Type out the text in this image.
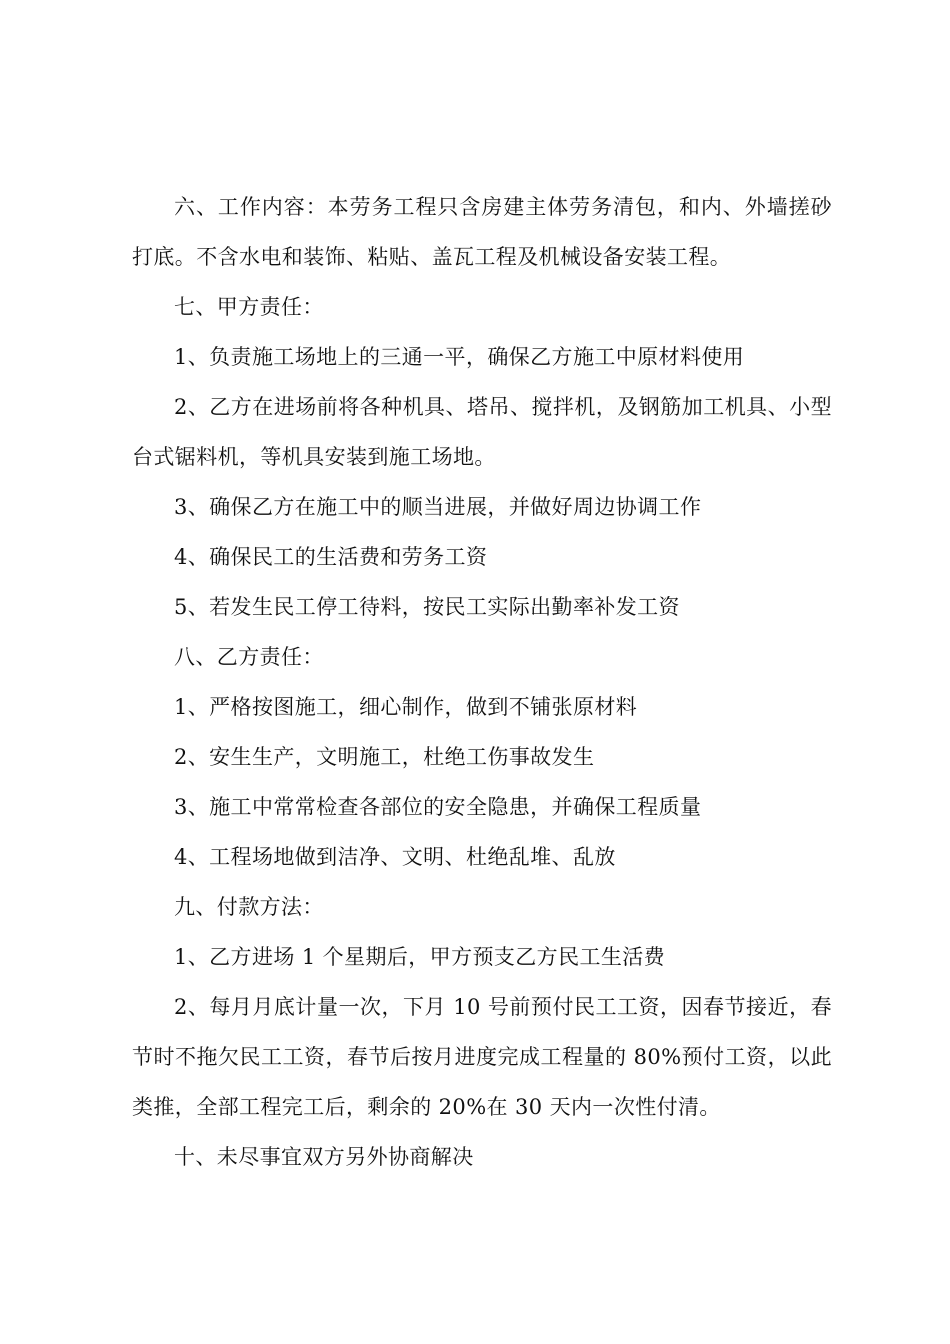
六、工作内容：本劳务工程只含房建主体劳务清包，和内、外墙搓砂打底。不含水电和装饰、粘贴、盖瓦工程及机械设备安装工程。

七、甲方责任：

1、负责施工场地上的三通一平，确保乙方施工中原材料使用

2、乙方在进场前将各种机具、塔吊、搅拌机，及钢筋加工机具、小型台式锯料机，等机具安装到施工场地。

3、确保乙方在施工中的顺当进展，并做好周边协调工作

4、确保民工的生活费和劳务工资

5、若发生民工停工待料，按民工实际出勤率补发工资

八、乙方责任：

1、严格按图施工，细心制作，做到不铺张原材料

2、安生生产，文明施工，杜绝工伤事故发生

3、施工中常常检查各部位的安全隐患，并确保工程质量

4、工程场地做到洁净、文明、杜绝乱堆、乱放

九、付款方法：

1、乙方进场 1 个星期后，甲方预支乙方民工生活费

2、每月月底计量一次，下月 10 号前预付民工工资，因春节接近，春节时不拖欠民工工资，春节后按月进度完成工程量的 80%预付工资，以此类推，全部工程完工后，剩余的 20%在 30 天内一次性付清。

十、未尽事宜双方另外协商解决
